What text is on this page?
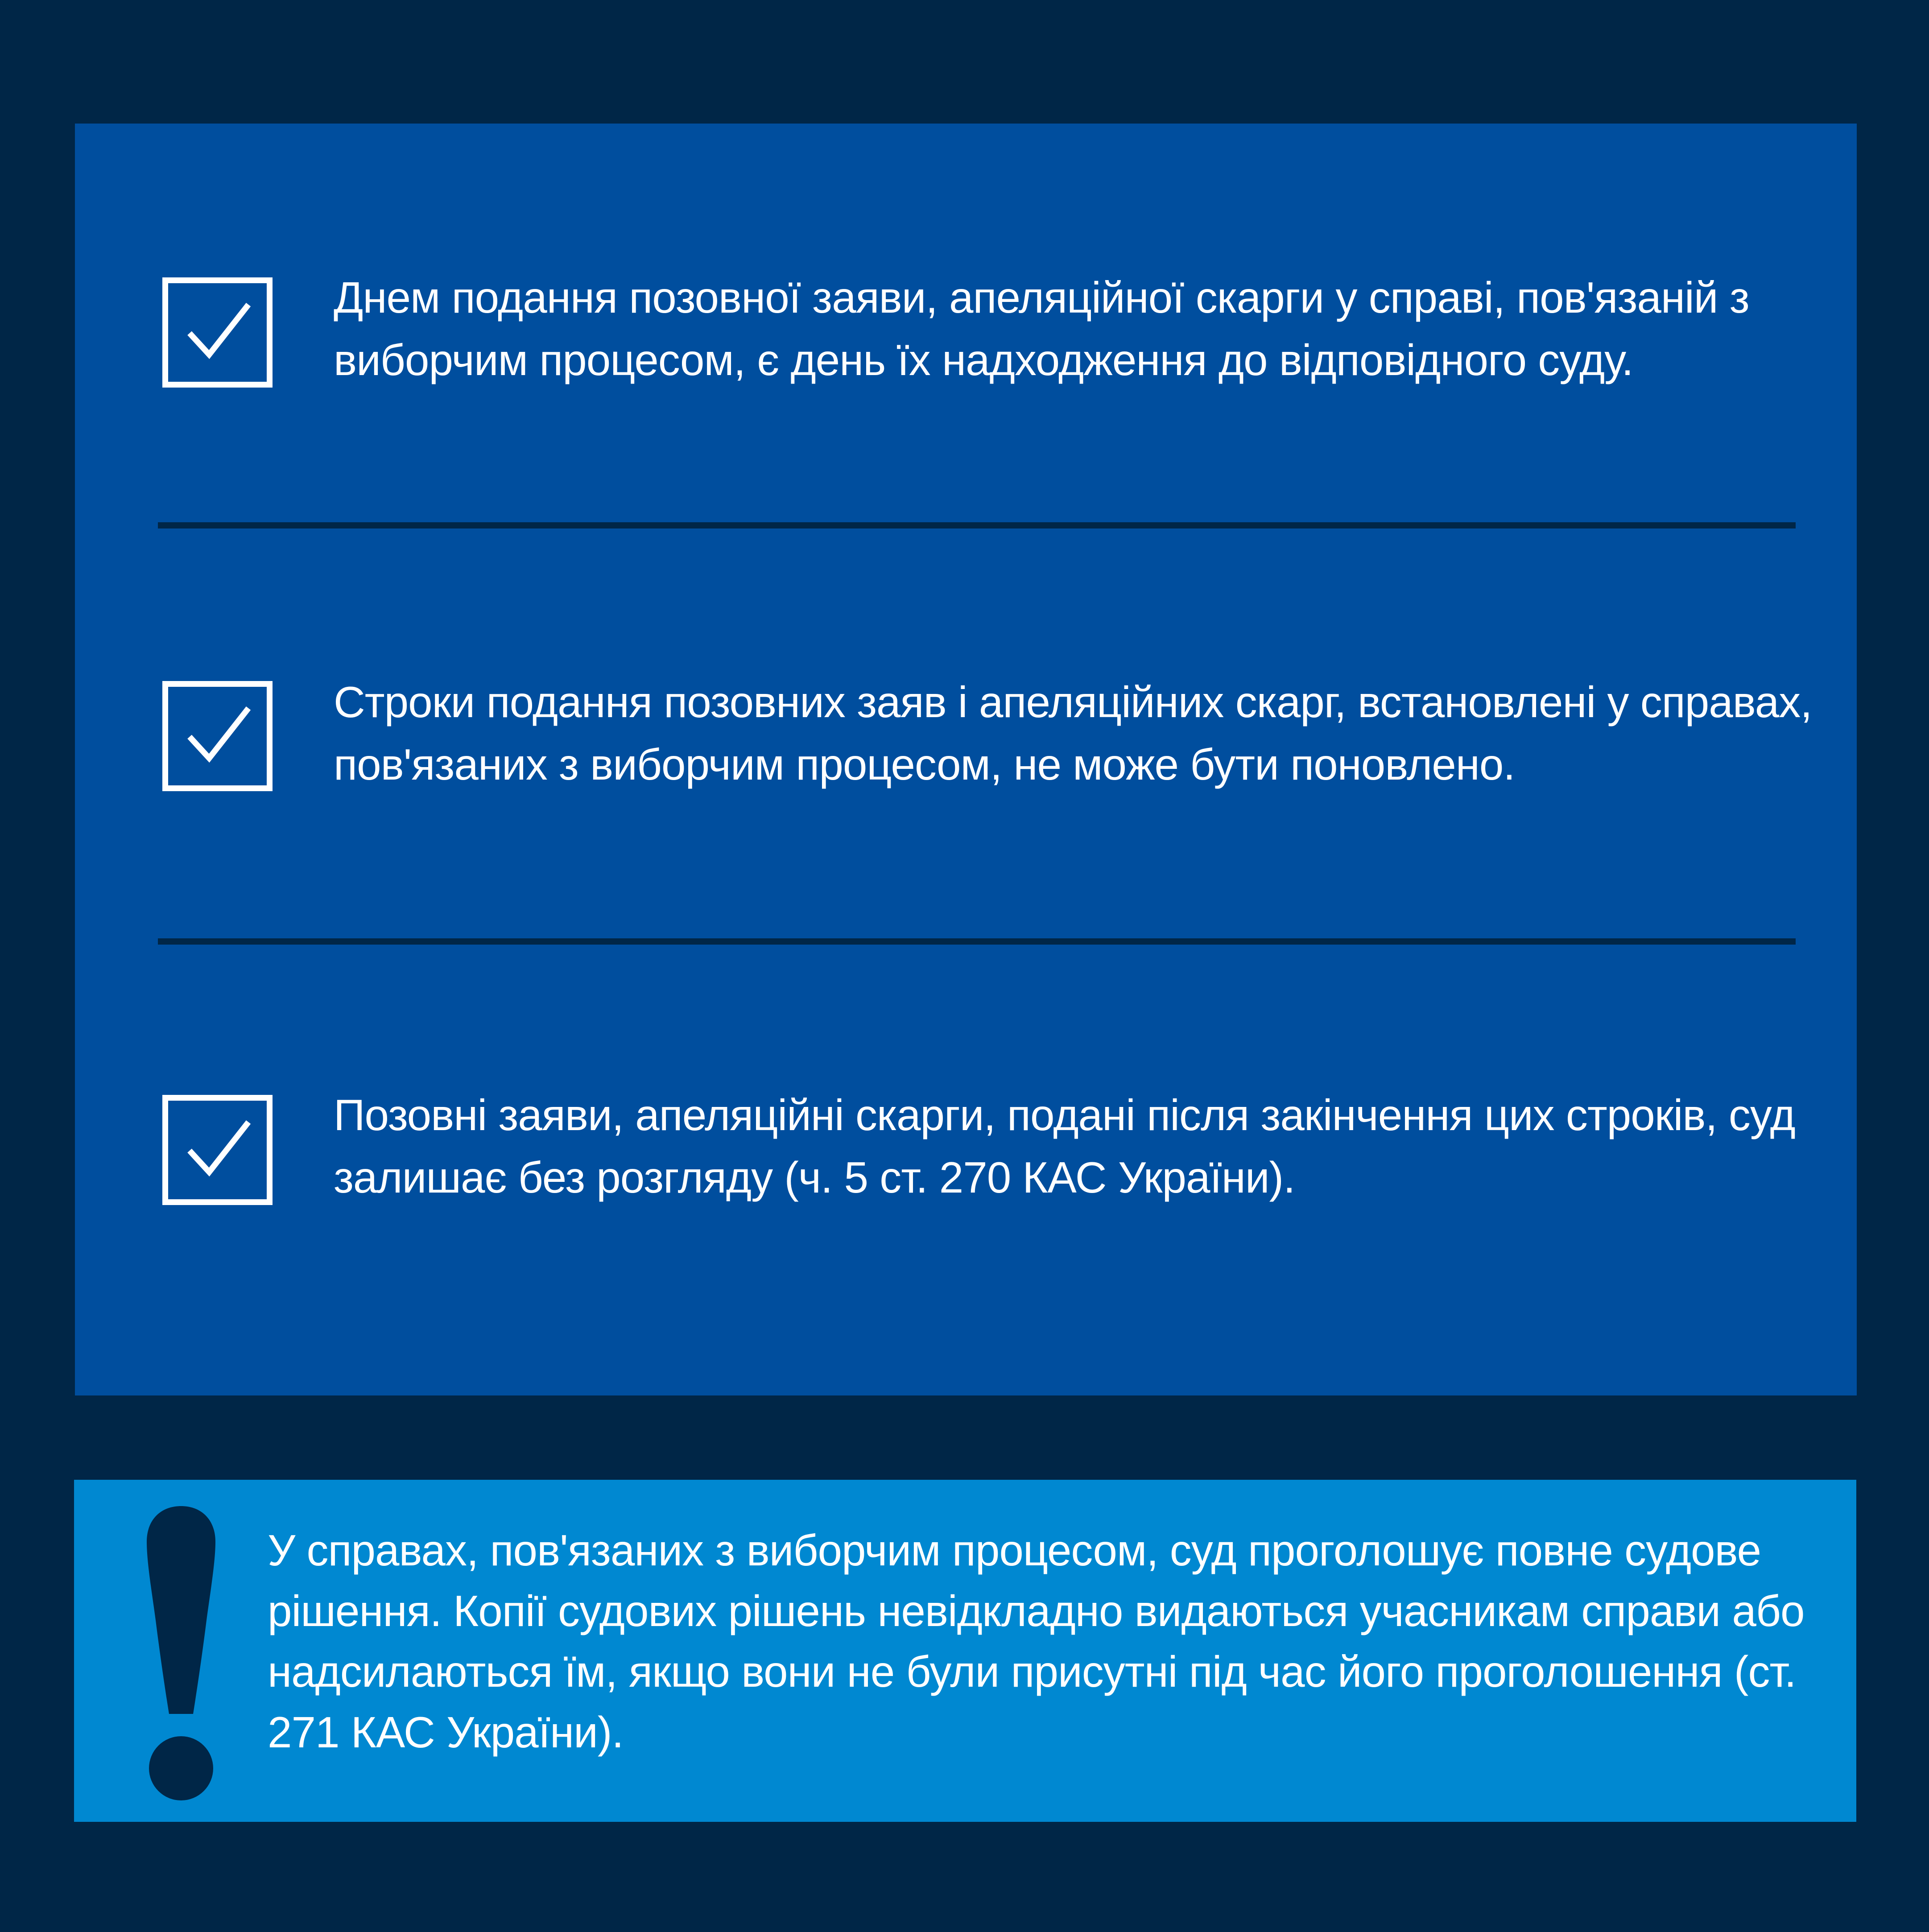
Днем подання позовної заяви, апеляційної скарги у справі, пов'язаній з виборчим процесом, є день їх надходження до відповідного суду.
Строки подання позовних заяв і апеляційних скарг, встановлені у справах, пов'язаних з виборчим процесом, не може бути поновлено.
Позовні заяви, апеляційні скарги, подані після закінчення цих строків, суд залишає без розгляду (ч. 5 ст. 270 КАС України).
У справах, пов'язаних з виборчим процесом, суд проголошує повне судове рішення. Копії судових рішень невідкладно видаються учасникам справи або надсилаються їм, якщо вони не були присутні під час його проголошення (ст. 271 КАС України).
